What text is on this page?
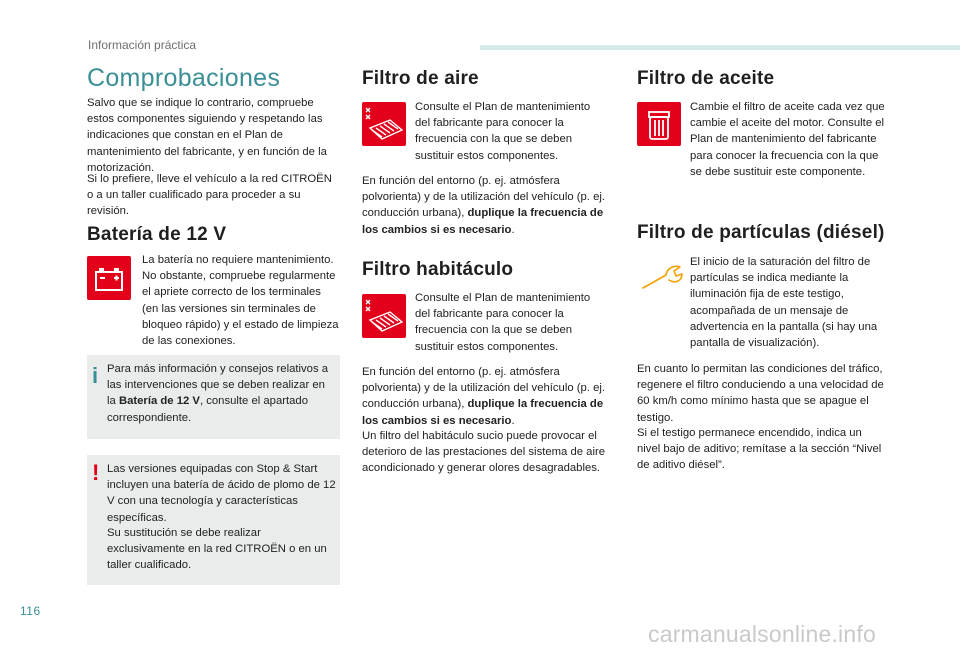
Información práctica
Comprobaciones

Salvo que se indique lo contrario, compruebe estos componentes siguiendo y respetando las indicaciones que constan en el Plan de mantenimiento del fabricante, y en función de la motorización.

Si lo prefiere, lleve el vehículo a la red CITROËN o a un taller cualificado para proceder a su revisión.

Batería de 12 V

La batería no requiere mantenimiento. No obstante, compruebe regularmente el apriete correcto de los terminales (en las versiones sin terminales de bloqueo rápido) y el estado de limpieza de las conexiones.

i Para más información y consejos relativos a las intervenciones que se deben realizar en la Batería de 12 V, consulte el apartado correspondiente.

! Las versiones equipadas con Stop & Start incluyen una batería de ácido de plomo de 12 V con una tecnología y características específicas.

Su sustitución se debe realizar exclusivamente en la red CITROËN o en un taller cualificado.

Filtro de aire

Consulte el Plan de mantenimiento del fabricante para conocer la frecuencia con la que se deben sustituir estos componentes.

En función del entorno (p. ej. atmósfera polvorienta) y de la utilización del vehículo (p. ej. conducción urbana), duplique la frecuencia de los cambios si es necesario.

Filtro habitáculo

Consulte el Plan de mantenimiento del fabricante para conocer la frecuencia con la que se deben sustituir estos componentes.

En función del entorno (p. ej. atmósfera polvorienta) y de la utilización del vehículo (p. ej. conducción urbana), duplique la frecuencia de los cambios si es necesario.

Un filtro del habitáculo sucio puede provocar el deterioro de las prestaciones del sistema de aire acondicionado y generar olores desagradables.

Filtro de aceite

Cambie el filtro de aceite cada vez que cambie el aceite del motor. Consulte el Plan de mantenimiento del fabricante para conocer la frecuencia con la que se debe sustituir este componente.

Filtro de partículas (diésel)

El inicio de la saturación del filtro de partículas se indica mediante la iluminación fija de este testigo, acompañada de un mensaje de advertencia en la pantalla (si hay una pantalla de visualización).

En cuanto lo permitan las condiciones del tráfico, regenere el filtro conduciendo a una velocidad de 60 km/h como mínimo hasta que se apague el testigo.

Si el testigo permanece encendido, indica un nivel bajo de aditivo; remítase a la sección “Nivel de aditivo diésel”.

116
carmanualsonline.info
